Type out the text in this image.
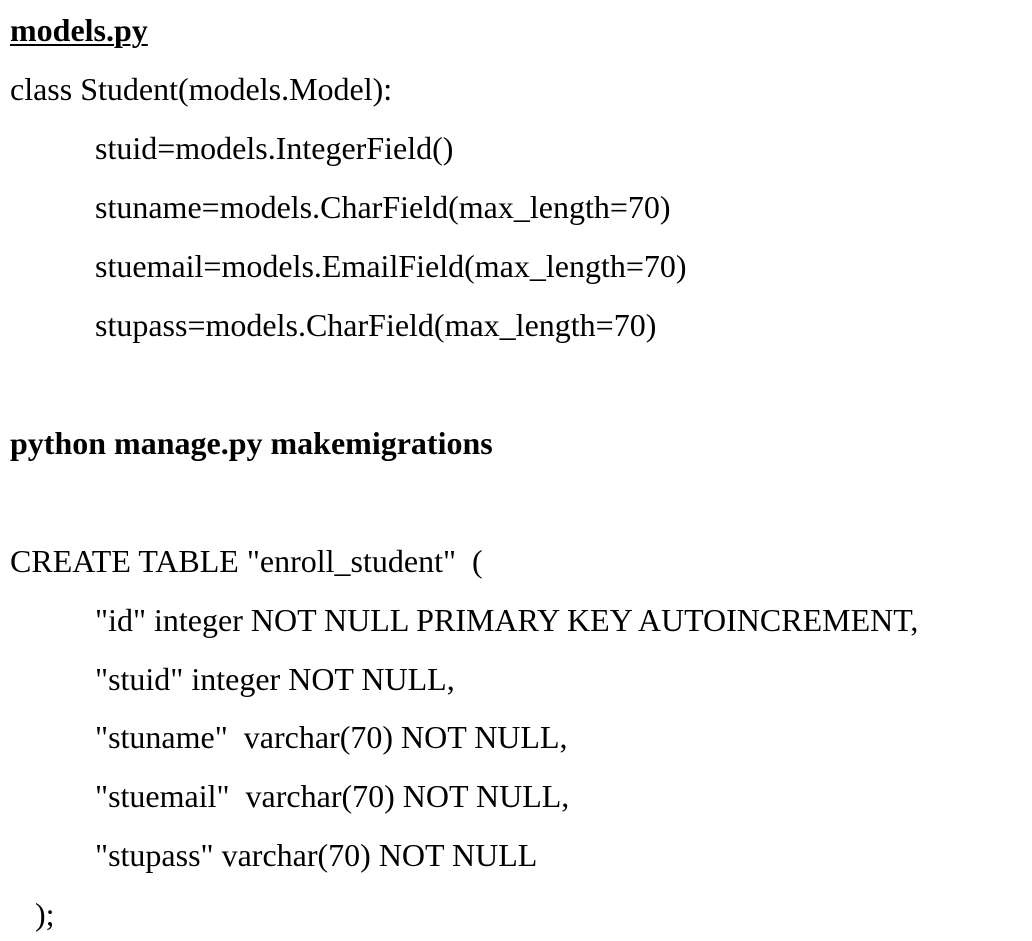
models.py

class Student(models.Model):

stuid=models.IntegerField()

stuname=models.CharField(max_length=70)

stuemail=models.EmailField(max_length=70)

stupass=models.CharField(max_length=70)

python manage.py makemigrations

CREATE TABLE "enroll_student"  (

"id" integer NOT NULL PRIMARY KEY AUTOINCREMENT,

"stuid" integer NOT NULL,

"stuname"  varchar(70) NOT NULL,

"stuemail"  varchar(70) NOT NULL,

"stupass" varchar(70) NOT NULL

);
